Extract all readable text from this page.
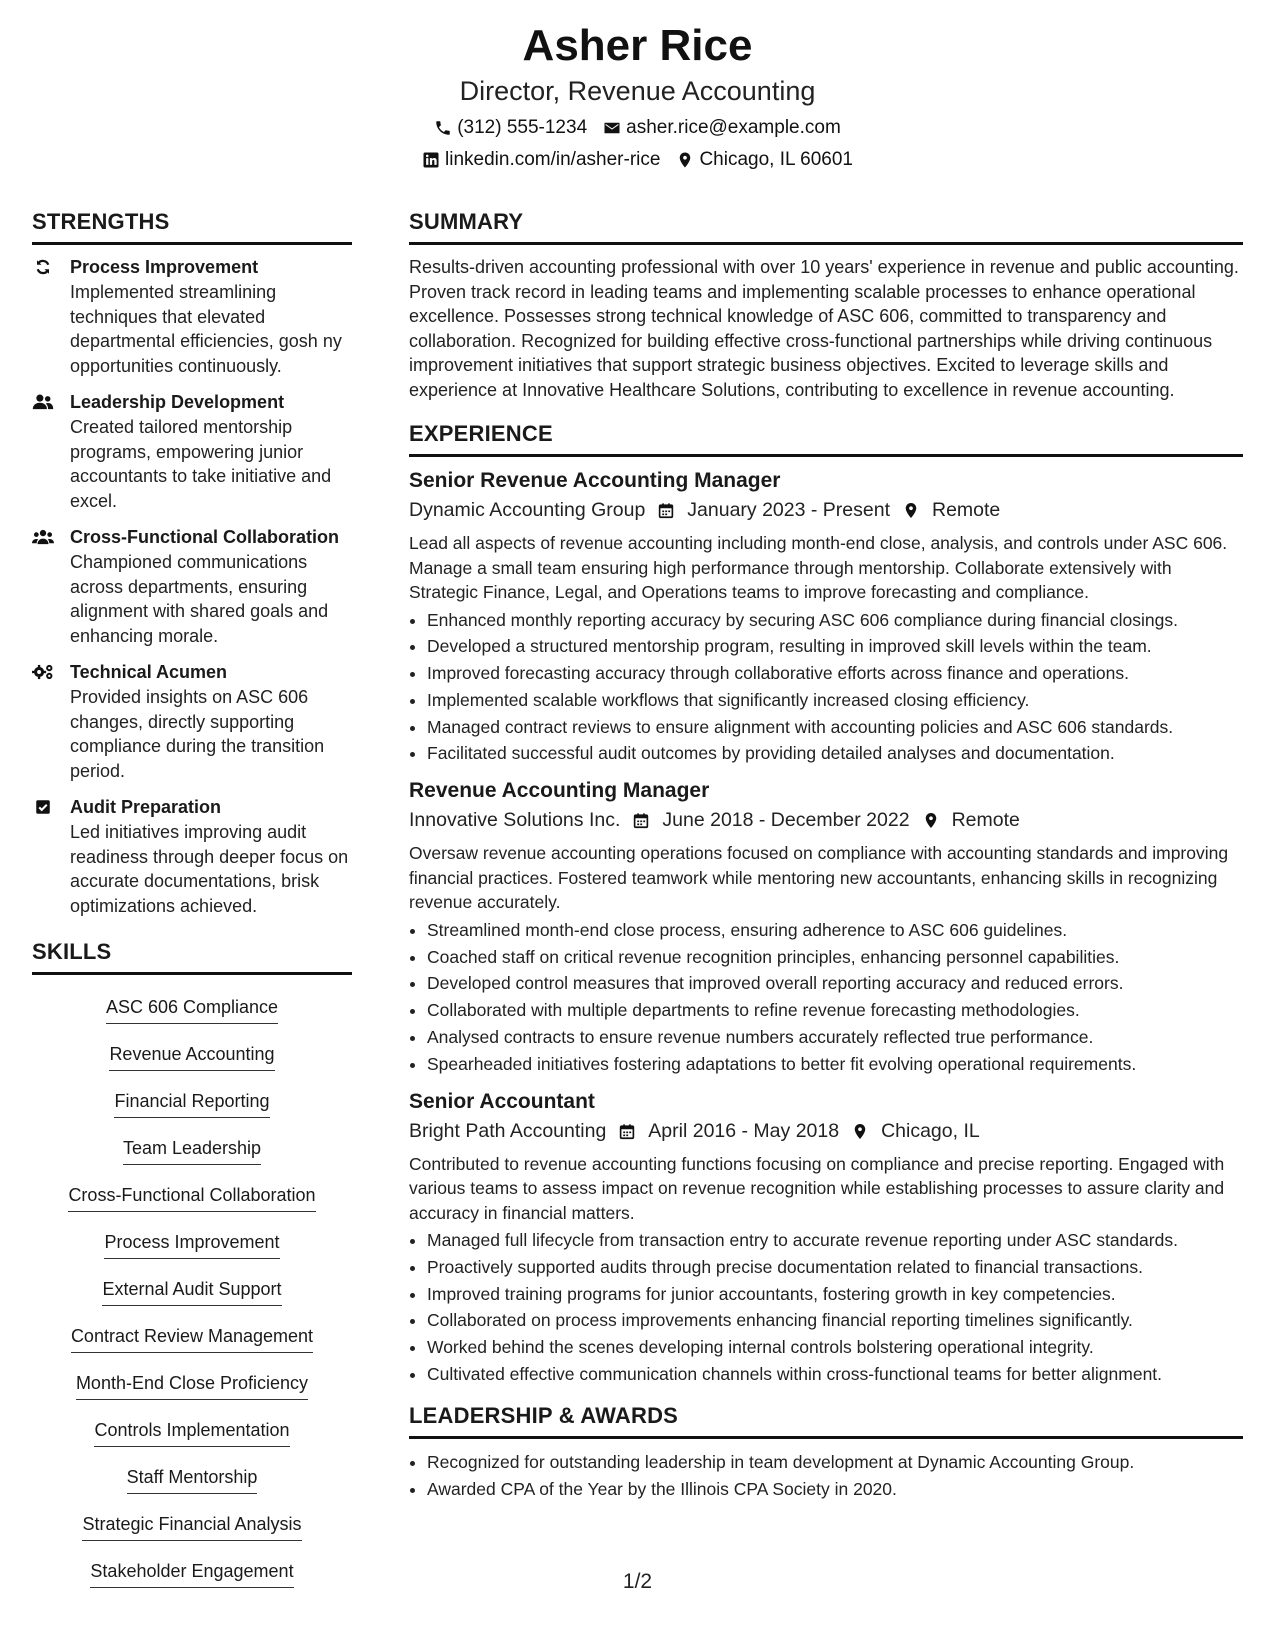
Asher Rice
Director, Revenue Accounting
(312) 555-1234 asher.rice@example.com
linkedin.com/in/asher-rice Chicago, IL 60601
STRENGTHS
Process Improvement
Implemented streamlining techniques that elevated departmental efficiencies, gosh ny opportunities continuously.
Leadership Development
Created tailored mentorship programs, empowering junior accountants to take initiative and excel.
Cross-Functional Collaboration
Championed communications across departments, ensuring alignment with shared goals and enhancing morale.
Technical Acumen
Provided insights on ASC 606 changes, directly supporting compliance during the transition period.
Audit Preparation
Led initiatives improving audit readiness through deeper focus on accurate documentations, brisk optimizations achieved.
SKILLS
ASC 606 Compliance
Revenue Accounting
Financial Reporting
Team Leadership
Cross-Functional Collaboration
Process Improvement
External Audit Support
Contract Review Management
Month-End Close Proficiency
Controls Implementation
Staff Mentorship
Strategic Financial Analysis
Stakeholder Engagement
SUMMARY

Results-driven accounting professional with over 10 years' experience in revenue and public accounting. Proven track record in leading teams and implementing scalable processes to enhance operational excellence. Possesses strong technical knowledge of ASC 606, committed to transparency and collaboration. Recognized for building effective cross-functional partnerships while driving continuous improvement initiatives that support strategic business objectives. Excited to leverage skills and experience at Innovative Healthcare Solutions, contributing to excellence in revenue accounting.

EXPERIENCE
Senior Revenue Accounting Manager
Dynamic Accounting Group January 2023 - Present Remote
Lead all aspects of revenue accounting including month-end close, analysis, and controls under ASC 606. Manage a small team ensuring high performance through mentorship. Collaborate extensively with Strategic Finance, Legal, and Operations teams to improve forecasting and compliance.
• Enhanced monthly reporting accuracy by securing ASC 606 compliance during financial closings.
• Developed a structured mentorship program, resulting in improved skill levels within the team.
• Improved forecasting accuracy through collaborative efforts across finance and operations.
• Implemented scalable workflows that significantly increased closing efficiency.
• Managed contract reviews to ensure alignment with accounting policies and ASC 606 standards.
• Facilitated successful audit outcomes by providing detailed analyses and documentation.
Revenue Accounting Manager
Innovative Solutions Inc. June 2018 - December 2022 Remote
Oversaw revenue accounting operations focused on compliance with accounting standards and improving financial practices. Fostered teamwork while mentoring new accountants, enhancing skills in recognizing revenue accurately.
• Streamlined month-end close process, ensuring adherence to ASC 606 guidelines.
• Coached staff on critical revenue recognition principles, enhancing personnel capabilities.
• Developed control measures that improved overall reporting accuracy and reduced errors.
• Collaborated with multiple departments to refine revenue forecasting methodologies.
• Analysed contracts to ensure revenue numbers accurately reflected true performance.
• Spearheaded initiatives fostering adaptations to better fit evolving operational requirements.
Senior Accountant
Bright Path Accounting April 2016 - May 2018 Chicago, IL
Contributed to revenue accounting functions focusing on compliance and precise reporting. Engaged with various teams to assess impact on revenue recognition while establishing processes to assure clarity and accuracy in financial matters.
• Managed full lifecycle from transaction entry to accurate revenue reporting under ASC standards.
• Proactively supported audits through precise documentation related to financial transactions.
• Improved training programs for junior accountants, fostering growth in key competencies.
• Collaborated on process improvements enhancing financial reporting timelines significantly.
• Worked behind the scenes developing internal controls bolstering operational integrity.
• Cultivated effective communication channels within cross-functional teams for better alignment.
LEADERSHIP & AWARDS
• Recognized for outstanding leadership in team development at Dynamic Accounting Group.
• Awarded CPA of the Year by the Illinois CPA Society in 2020.
1/2
